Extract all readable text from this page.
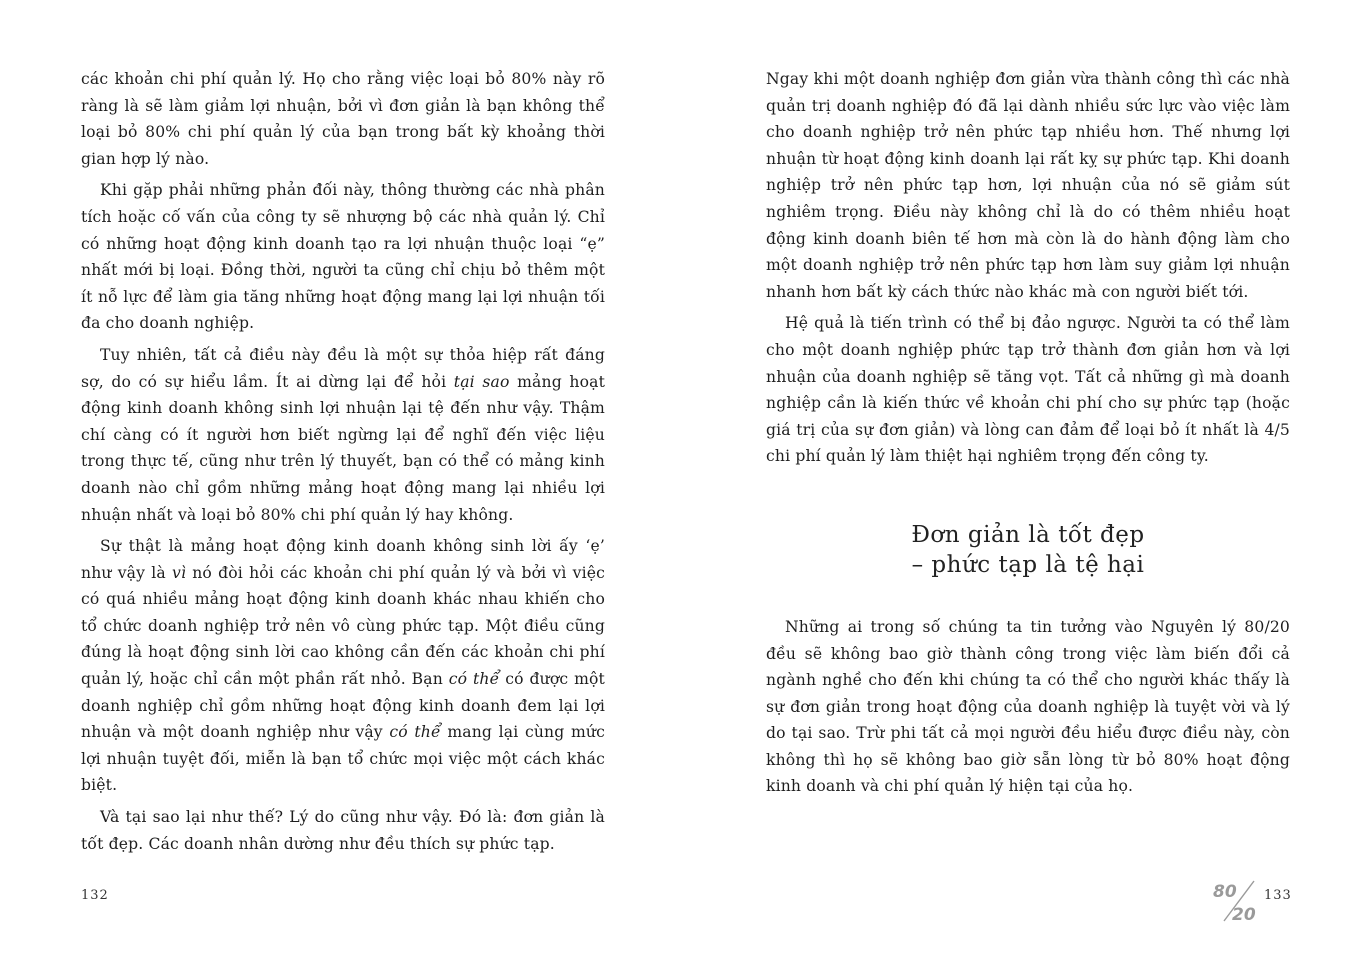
các khoản chi phí quản lý. Họ cho rằng việc loại bỏ 80% này rõ ràng là sẽ làm giảm lợi nhuận, bởi vì đơn giản là bạn không thể loại bỏ 80% chi phí quản lý của bạn trong bất kỳ khoảng thời gian hợp lý nào.

Khi gặp phải những phản đối này, thông thường các nhà phân tích hoặc cố vấn của công ty sẽ nhượng bộ các nhà quản lý. Chỉ có những hoạt động kinh doanh tạo ra lợi nhuận thuộc loại “ẹ” nhất mới bị loại. Đồng thời, người ta cũng chỉ chịu bỏ thêm một ít nỗ lực để làm gia tăng những hoạt động mang lại lợi nhuận tối đa cho doanh nghiệp.

Tuy nhiên, tất cả điều này đều là một sự thỏa hiệp rất đáng sợ, do có sự hiểu lầm. Ít ai dừng lại để hỏi tại sao mảng hoạt động kinh doanh không sinh lợi nhuận lại tệ đến như vậy. Thậm chí càng có ít người hơn biết ngừng lại để nghĩ đến việc liệu trong thực tế, cũng như trên lý thuyết, bạn có thể có mảng kinh doanh nào chỉ gồm những mảng hoạt động mang lại nhiều lợi nhuận nhất và loại bỏ 80% chi phí quản lý hay không.

Sự thật là mảng hoạt động kinh doanh không sinh lời ấy ‘ẹ’ như vậy là vì nó đòi hỏi các khoản chi phí quản lý và bởi vì việc có quá nhiều mảng hoạt động kinh doanh khác nhau khiến cho tổ chức doanh nghiệp trở nên vô cùng phức tạp. Một điều cũng đúng là hoạt động sinh lời cao không cần đến các khoản chi phí quản lý, hoặc chỉ cần một phần rất nhỏ. Bạn có thể có được một doanh nghiệp chỉ gồm những hoạt động kinh doanh đem lại lợi nhuận và một doanh nghiệp như vậy có thể mang lại cùng mức lợi nhuận tuyệt đối, miễn là bạn tổ chức mọi việc một cách khác biệt.

Và tại sao lại như thế? Lý do cũng như vậy. Đó là: đơn giản là tốt đẹp. Các doanh nhân dường như đều thích sự phức tạp.

132

Ngay khi một doanh nghiệp đơn giản vừa thành công thì các nhà quản trị doanh nghiệp đó đã lại dành nhiều sức lực vào việc làm cho doanh nghiệp trở nên phức tạp nhiều hơn. Thế nhưng lợi nhuận từ hoạt động kinh doanh lại rất kỵ sự phức tạp. Khi doanh nghiệp trở nên phức tạp hơn, lợi nhuận của nó sẽ giảm sút nghiêm trọng. Điều này không chỉ là do có thêm nhiều hoạt động kinh doanh biên tế hơn mà còn là do hành động làm cho một doanh nghiệp trở nên phức tạp hơn làm suy giảm lợi nhuận nhanh hơn bất kỳ cách thức nào khác mà con người biết tới.

Hệ quả là tiến trình có thể bị đảo ngược. Người ta có thể làm cho một doanh nghiệp phức tạp trở thành đơn giản hơn và lợi nhuận của doanh nghiệp sẽ tăng vọt. Tất cả những gì mà doanh nghiệp cần là kiến thức về khoản chi phí cho sự phức tạp (hoặc giá trị của sự đơn giản) và lòng can đảm để loại bỏ ít nhất là 4/5 chi phí quản lý làm thiệt hại nghiêm trọng đến công ty.

Đơn giản là tốt đẹp
– phức tạp là tệ hại

Những ai trong số chúng ta tin tưởng vào Nguyên lý 80/20 đều sẽ không bao giờ thành công trong việc làm biến đổi cả ngành nghề cho đến khi chúng ta có thể cho người khác thấy là sự đơn giản trong hoạt động của doanh nghiệp là tuyệt vời và lý do tại sao. Trừ phi tất cả mọi người đều hiểu được điều này, còn không thì họ sẽ không bao giờ sẵn lòng từ bỏ 80% hoạt động kinh doanh và chi phí quản lý hiện tại của họ.

80
20
133
